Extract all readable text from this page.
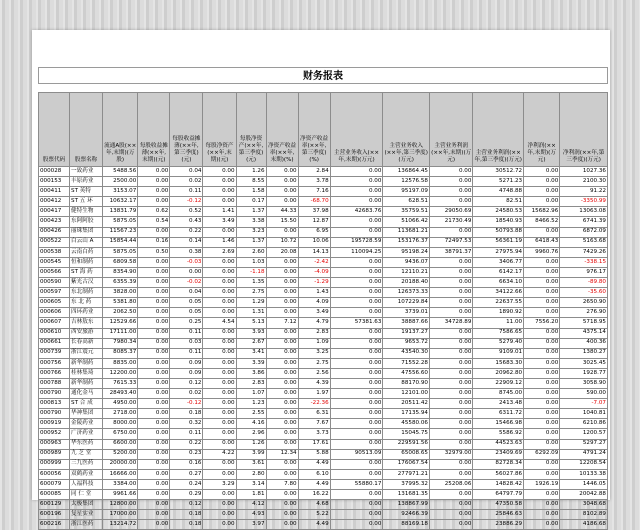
财务报表
股票代码	股票名称	流通A股(××年,末期)(万股)	每股收益摊薄(××年,末期)(元)	每股收益摊薄(××年,第三季度)(元)	每股净资产(××年,末期)(元)	每股净资产(××年,第三季度)(元)	净资产收益率(××年,末期)(%)	净资产收益率(××年,第三季度)(%)	主营业务收入(××年,末期)(万元)	主营业务收入(××年,第三季度)(万元)	主营业务利润(××年,末期)(万元)	主营业务利润(××年,第三季度)(万元)	净利润(××年,末期)(万元)	净利润(××年,第三季度)(万元)
000028	一致药业	5488.56	0.00	0.04	0.00	1.26	0.00	2.84	0.00	136864.45	0.00	30512.72	0.00	1027.36
000153	丰原药业	2500.00	0.00	0.02	0.00	8.55	0.00	3.78	0.00	12576.58	0.00	5271.23	0.00	2100.30
000411	ST 英特	3153.07	0.00	0.11	0.00	1.58	0.00	7.16	0.00	95197.09	0.00	4748.88	0.00	91.22
000412	ST 五 环	10632.17	0.00	-0.12	0.00	0.17	0.00	-68.70	0.00	628.51	0.00	82.51	0.00	-3350.99
000417	健特生物	13831.79	0.62	0.52	1.41	1.37	44.33	37.98	42683.76	35759.51	29050.69	24580.53	15682.96	13063.08
000423	东阿阿胶	5875.05	0.54	0.43	3.49	3.38	15.50	12.87	0.00	51066.42	21730.49	18540.93	8466.52	6741.39
000426	丽珠集团	11567.23	0.00	0.22	0.00	3.23	0.00	6.95	0.00	113681.21	0.00	50793.88	0.00	6872.09
000522	白云山 A	15854.44	0.16	0.14	1.46	1.37	10.72	10.06	195728.59	153176.37	72497.53	56361.19	6418.43	5163.68
000538	云南白药	5875.05	0.50	0.38	2.69	2.60	20.08	14.13	110094.25	95198.24	38791.37	27975.94	9960.76	7429.26
000545	恒和制药	6809.58	0.00	-0.03	0.00	1.03	0.00	-2.42	0.00	9436.07	0.00	3406.77	0.00	-338.15
000566	ST 海 药	8354.90	0.00	0.00	0.00	-1.18	0.00	-4.09	0.00	12110.21	0.00	6142.17	0.00	976.17
000590	紫光古汉	6355.39	0.00	-0.02	0.00	1.35	0.00	-1.29	0.00	20188.40	0.00	6634.10	0.00	-89.80
000597	东北制药	3828.00	0.00	0.04	0.00	2.75	0.00	1.43	0.00	126373.33	0.00	34122.66	0.00	-35.60
000605	东 北 药	5381.80	0.00	0.05	0.00	1.29	0.00	4.09	0.00	107229.84	0.00	22637.55	0.00	2650.90
000606	四环药业	2062.50	0.00	0.05	0.00	1.31	0.00	3.49	0.00	3739.01	0.00	1890.92	0.00	276.90
000607	吉林敖东	12529.66	0.00	0.25	4.54	5.13	7.12	4.79	57381.63	38887.66	34728.89	11.00	7556.20	5718.95
000610	西安旅游	17111.00	0.00	0.11	0.00	3.93	0.00	2.83	0.00	19137.27	0.00	7586.65	0.00	4375.14
000661	长春高新	7980.34	0.00	0.03	0.00	2.67	0.00	1.09	0.00	9653.72	0.00	5279.40	0.00	400.36
000739	浙江震元	8085.37	0.00	0.11	0.00	3.41	0.00	3.25	0.00	43540.30	0.00	9109.01	0.00	1380.27
000756	新华制药	8835.00	0.00	0.09	0.00	3.39	0.00	2.75	0.00	71552.28	0.00	15683.30	0.00	3025.45
000766	桂林集琦	12200.00	0.00	0.09	0.00	3.86	0.00	2.56	0.00	47556.60	0.00	20962.80	0.00	1928.77
000788	新华制药	7615.33	0.00	0.12	0.00	2.83	0.00	4.39	0.00	88170.90	0.00	22909.12	0.00	3058.90
000790	通化金马	28493.40	0.00	0.02	0.00	1.07	0.00	1.97	0.00	12101.00	0.00	8745.00	0.00	590.00
000813	ST 合 成	4950.00	0.00	-0.12	0.00	1.23	0.00	-22.36	0.00	20511.42	0.00	2413.48	0.00	-7.07
000790	华神集团	2718.00	0.00	0.18	0.00	2.55	0.00	6.31	0.00	17135.94	0.00	6311.72	0.00	1040.81
000919	金陵药业	8000.00	0.00	0.32	0.00	4.16	0.00	7.67	0.00	45580.06	0.00	15466.98	0.00	6210.86
000952	广济药业	6750.00	0.00	0.11	0.00	2.96	0.00	3.73	0.00	15045.75	0.00	5586.92	0.00	1200.57
000963	华东医药	6600.00	0.00	0.22	0.00	1.26	0.00	17.61	0.00	229591.56	0.00	44523.63	0.00	5297.27
000989	九 芝 堂	5200.00	0.00	0.23	4.22	3.99	12.34	5.88	90513.09	65008.65	32979.00	23409.69	6292.09	4791.24
000999	三九医药	20000.00	0.00	0.16	0.00	3.61	0.00	4.49	0.00	176067.54	0.00	82728.34	0.00	12208.54
600056	双鹤药业	16666.00	0.00	0.27	0.00	2.80	0.00	6.10	0.00	277971.21	0.00	56027.86	0.00	10133.38
600079	人福科技	3384.00	0.00	0.24	3.29	3.14	7.80	4.49	55880.17	37995.32	25208.06	14828.42	1926.19	1446.05
600085	同 仁 堂	9961.66	0.00	0.29	0.00	1.81	0.00	16.22	0.00	131681.35	0.00	64797.79	0.00	20042.88
600129	太极集团	12800.00	0.00	0.12	0.00	4.12	0.00	4.68	0.00	138867.99	0.00	47350.58	0.00	3048.68
600196	复星实业	17000.00	0.00	0.18	0.00	4.93	0.00	5.22	0.00	92466.39	0.00	25846.63	0.00	8102.89
600216	浙江医药	13214.72	0.00	0.18	0.00	3.97	0.00	4.49	0.00	88169.18	0.00	23886.29	0.00	4186.68
